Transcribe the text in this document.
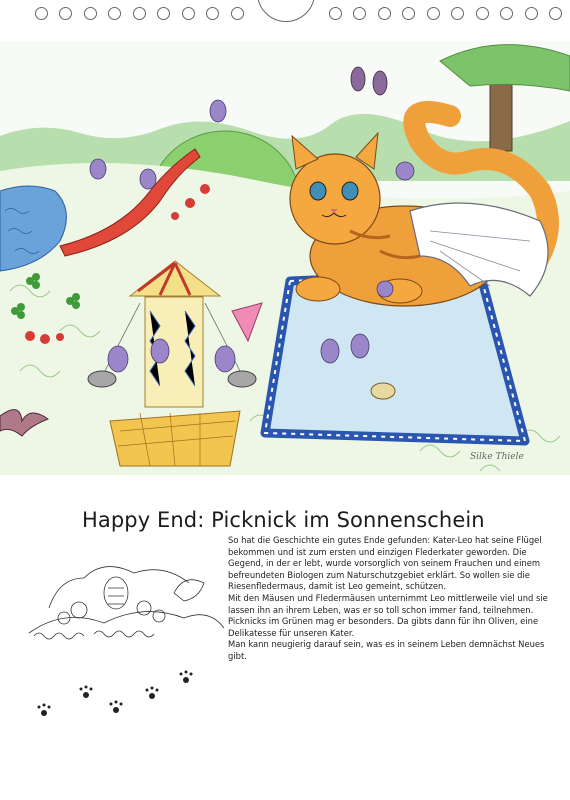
Silke Thiele
Happy End: Picknick im Sonnenschein

So hat die Geschichte ein gutes Ende gefunden: Kater-Leo hat seine Flügel bekommen und ist zum ersten und einzigen Flederkater geworden. Die Gegend, in der er lebt, wurde vorsorglich von seinem Frauchen und einem befreundeten Biologen zum Naturschutzgebiet erklärt. So wollen sie die Riesenfledermaus, damit ist Leo gemeint, schützen.

Mit den Mäusen und Fledermäusen unternimmt Leo mittlerweile viel und sie lassen ihn an ihrem Leben, was er so toll schon immer fand, teilnehmen. Picknicks im Grünen mag er besonders. Da gibts dann für ihn Oliven, eine Delikatesse für unseren Kater.

Man kann neugierig darauf sein, was es in seinem Leben demnächst Neues gibt.
